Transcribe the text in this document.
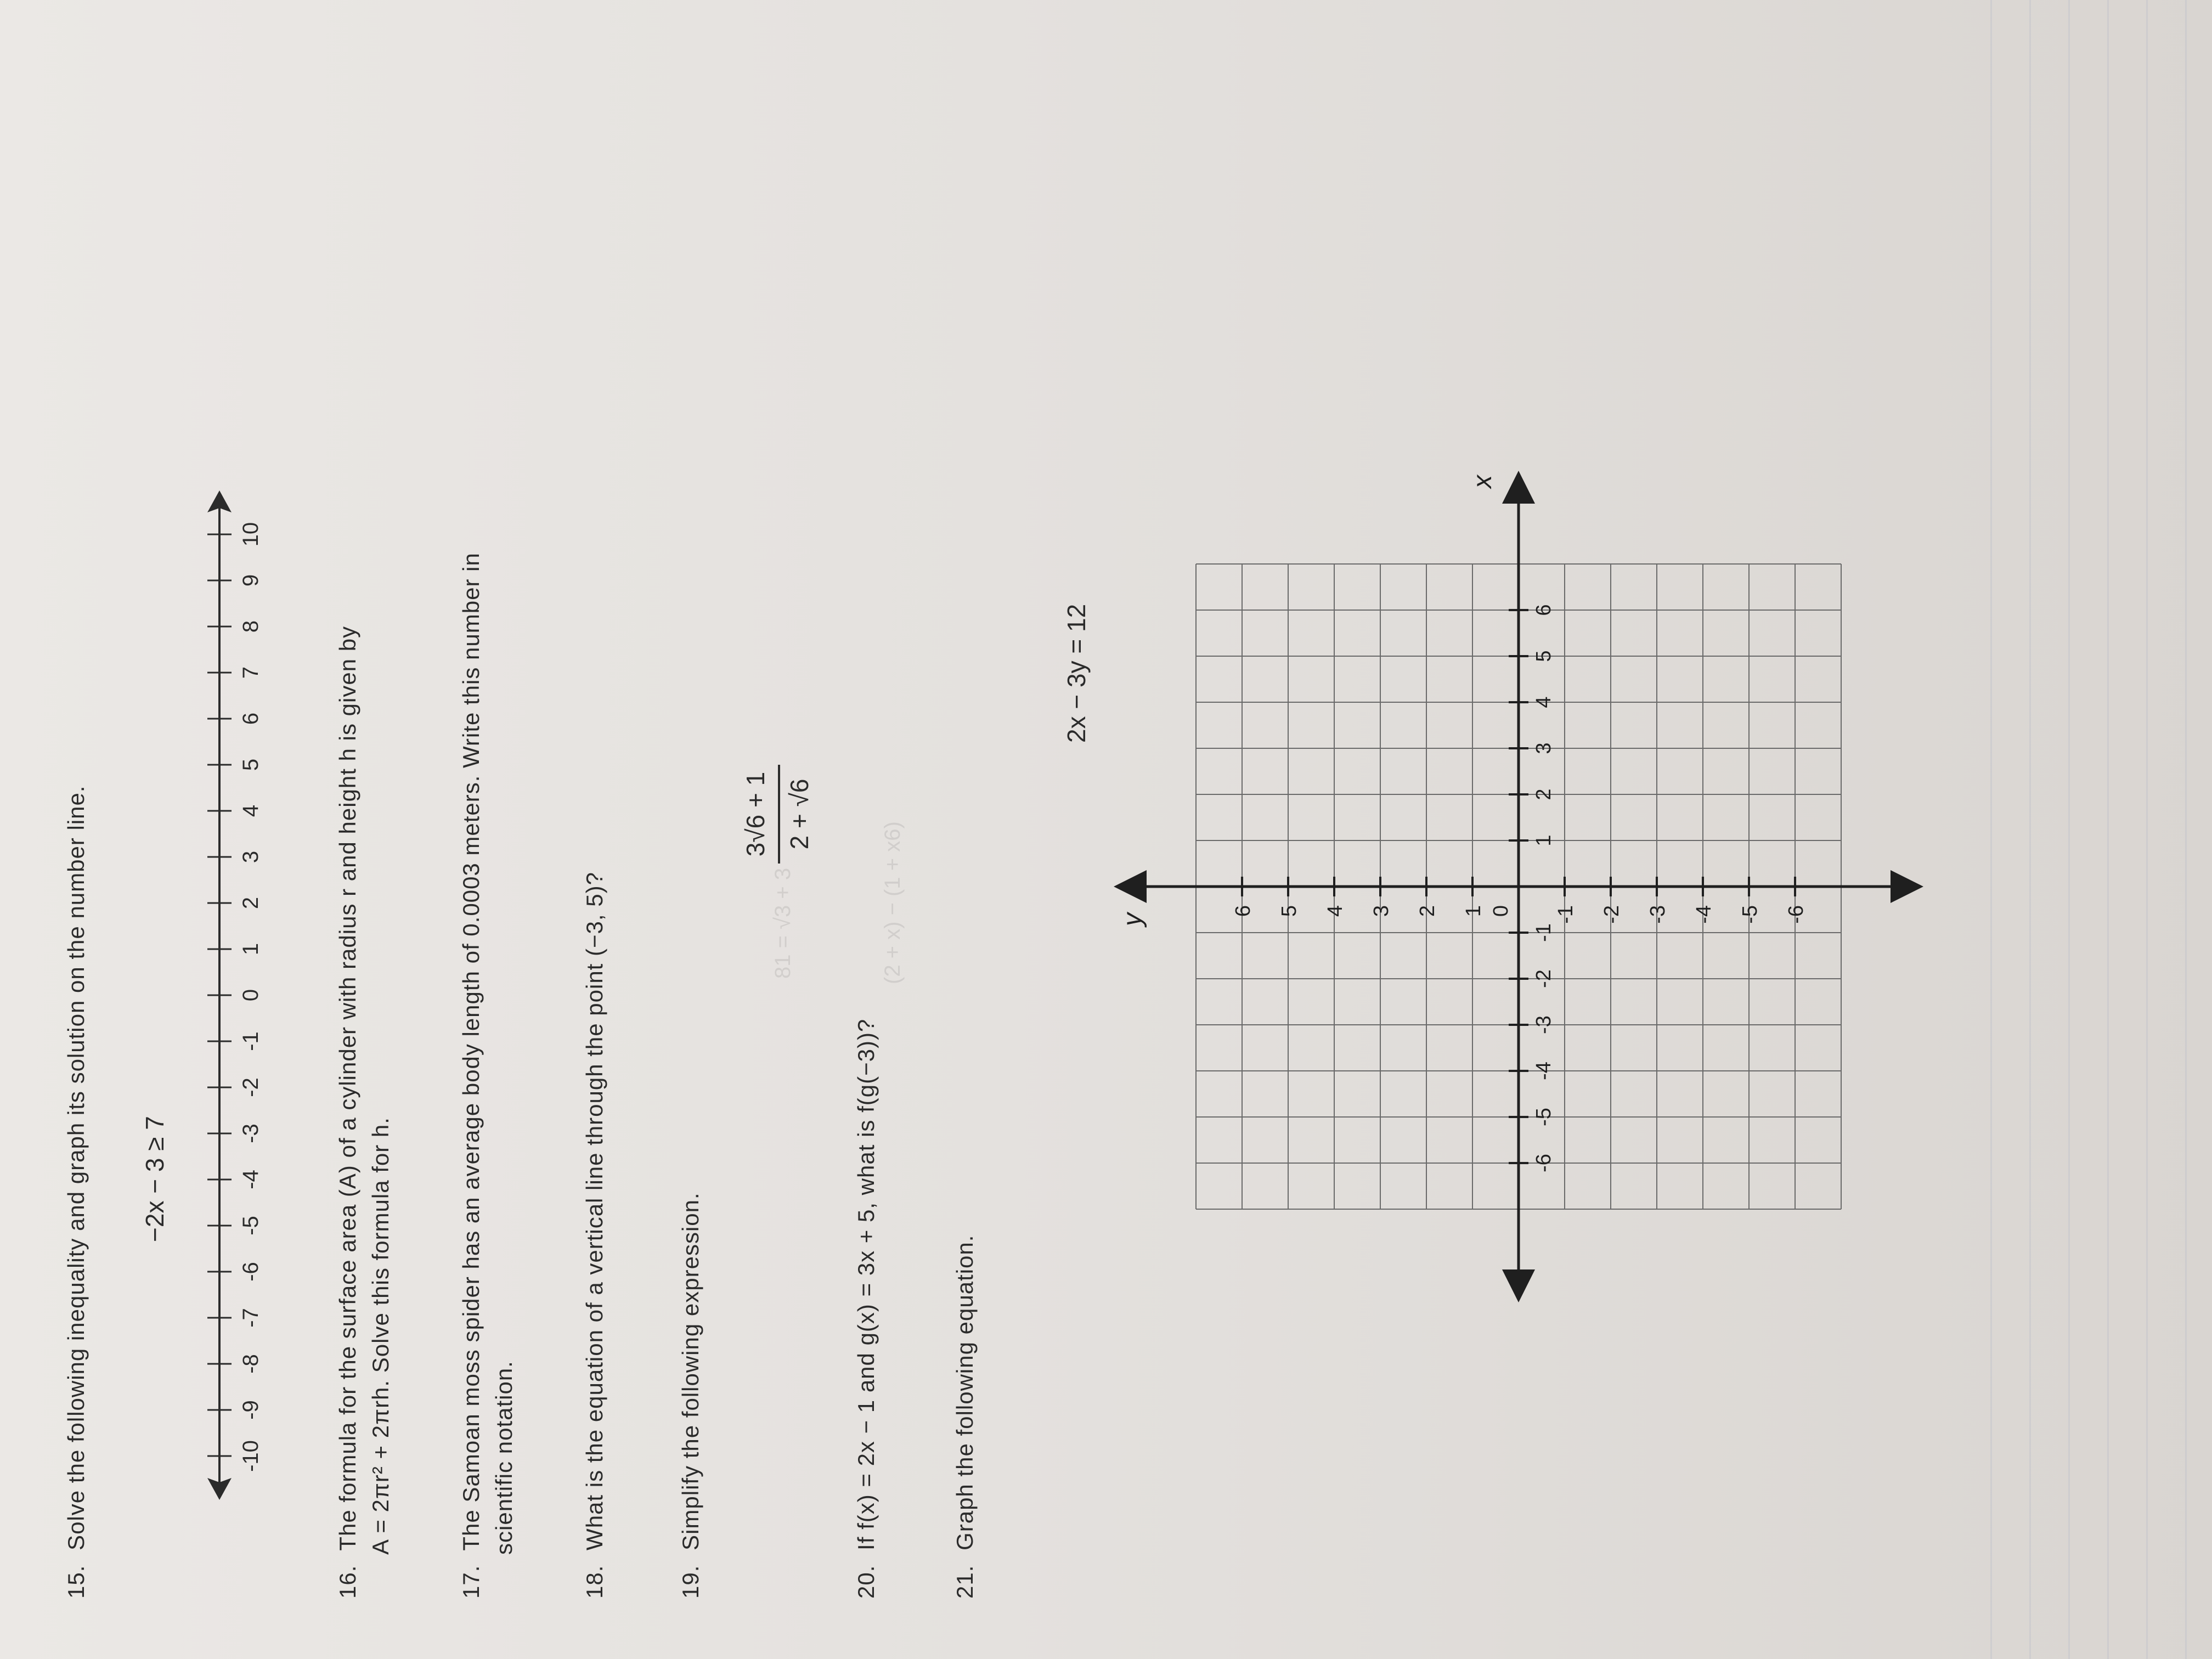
15. Solve the following inequality and graph its solution on the number line. −2x − 3 ≥ 7
-10
-9
-8
-7
-6
-5
-4
-3
-2
-1
0
1
2
3
4
5
6
7
8
9
10
16. The formula for the surface area (A) of a cylinder with radius r and height h is given by A = 2πr² + 2πrh. Solve this formula for h.
17. The Samoan moss spider has an average body length of 0.0003 meters. Write this number in scientific notation.
18. What is the equation of a vertical line through the point (−3, 5)?
19. Simplify the following expression.
3√6 + 1 2 + √6
20. If f(x) = 2x − 1 and g(x) = 3x + 5, what is f(g(−3))?
21. Graph the following equation.
2x − 3y = 12
(2 + x) − (1 + x6)
81 = √3 + 3
x
y
-6
-5
-4
-3
-2
-1
1
2
3
4
5
6
6 5 4 3 2 1	-1 -2 -3 -4 -5 -6
0
